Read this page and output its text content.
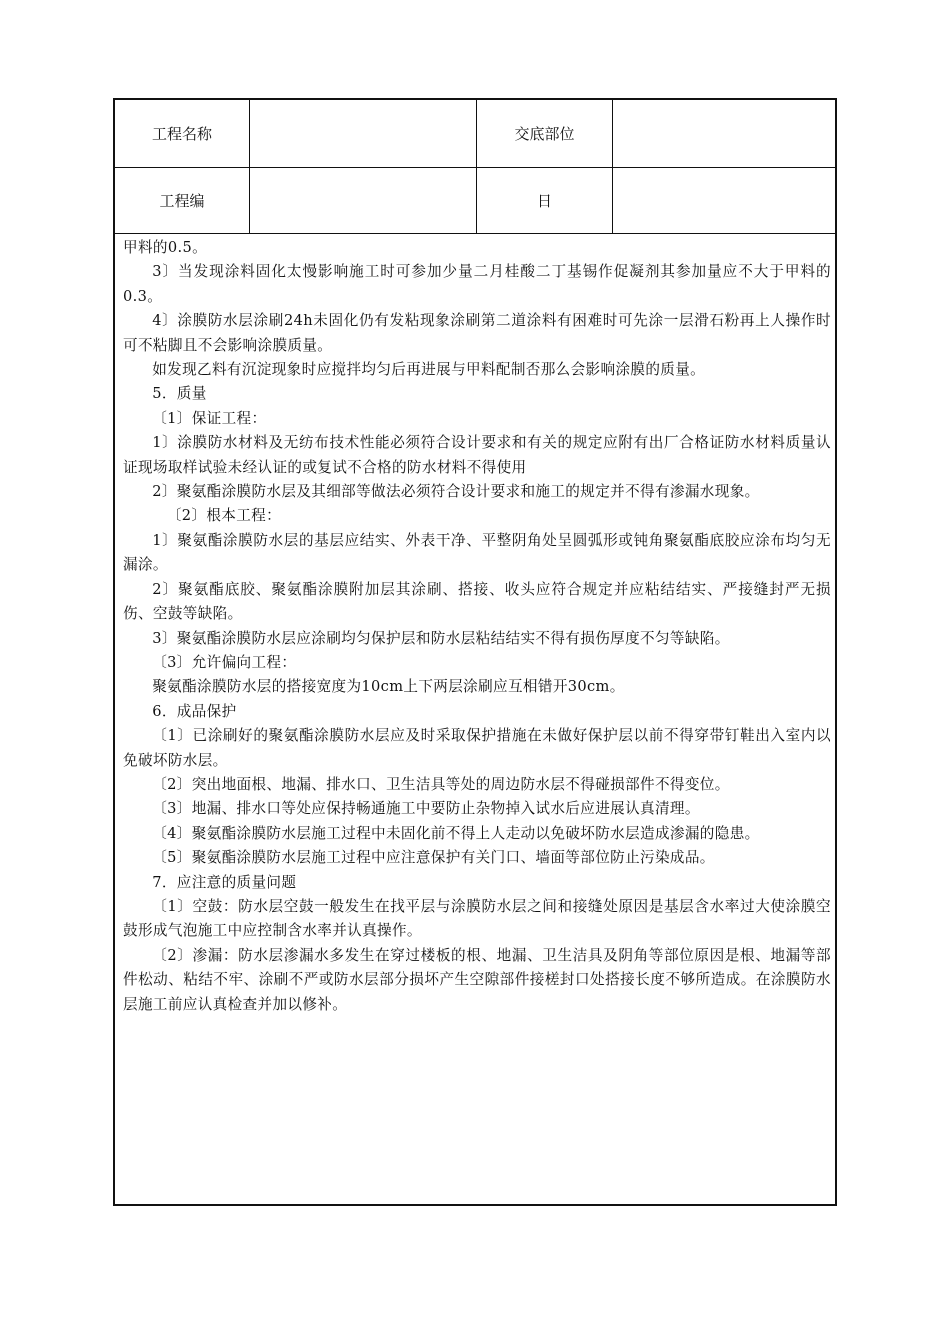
工程名称	交底部位
工程编	日

甲料的0.5。

3〕当发现涂料固化太慢影响施工时可参加少量二月桂酸二丁基锡作促凝剂其参加量应不大于甲料的0.3。

4〕涂膜防水层涂刷24h未固化仍有发粘现象涂刷第二道涂料有困难时可先涂一层滑石粉再上人操作时可不粘脚且不会影响涂膜质量。

如发现乙料有沉淀现象时应搅拌均匀后再进展与甲料配制否那么会影响涂膜的质量。

5．质量

〔1〕保证工程：

1〕涂膜防水材料及无纺布技术性能必须符合设计要求和有关的规定应附有出厂合格证防水材料质量认证现场取样试验未经认证的或复试不合格的防水材料不得使用

2〕聚氨酯涂膜防水层及其细部等做法必须符合设计要求和施工的规定并不得有渗漏水现象。

〔2〕根本工程：

1〕聚氨酯涂膜防水层的基层应结实、外表干净、平整阴角处呈圆弧形或钝角聚氨酯底胶应涂布均匀无漏涂。

2〕聚氨酯底胶、聚氨酯涂膜附加层其涂刷、搭接、收头应符合规定并应粘结结实、严接缝封严无损伤、空鼓等缺陷。

3〕聚氨酯涂膜防水层应涂刷均匀保护层和防水层粘结结实不得有损伤厚度不匀等缺陷。

〔3〕允许偏向工程：

聚氨酯涂膜防水层的搭接宽度为10cm上下两层涂刷应互相错开30cm。

6．成品保护

〔1〕已涂刷好的聚氨酯涂膜防水层应及时采取保护措施在未做好保护层以前不得穿带钉鞋出入室内以免破坏防水层。

〔2〕突出地面根、地漏、排水口、卫生洁具等处的周边防水层不得碰损部件不得变位。

〔3〕地漏、排水口等处应保持畅通施工中要防止杂物掉入试水后应进展认真清理。

〔4〕聚氨酯涂膜防水层施工过程中未固化前不得上人走动以免破坏防水层造成渗漏的隐患。

〔5〕聚氨酯涂膜防水层施工过程中应注意保护有关门口、墙面等部位防止污染成品。

7．应注意的质量问题

〔1〕空鼓：防水层空鼓一般发生在找平层与涂膜防水层之间和接缝处原因是基层含水率过大使涂膜空鼓形成气泡施工中应控制含水率并认真操作。

〔2〕渗漏：防水层渗漏水多发生在穿过楼板的根、地漏、卫生洁具及阴角等部位原因是根、地漏等部件松动、粘结不牢、涂刷不严或防水层部分损坏产生空隙部件接槎封口处搭接长度不够所造成。在涂膜防水层施工前应认真检查并加以修补。
